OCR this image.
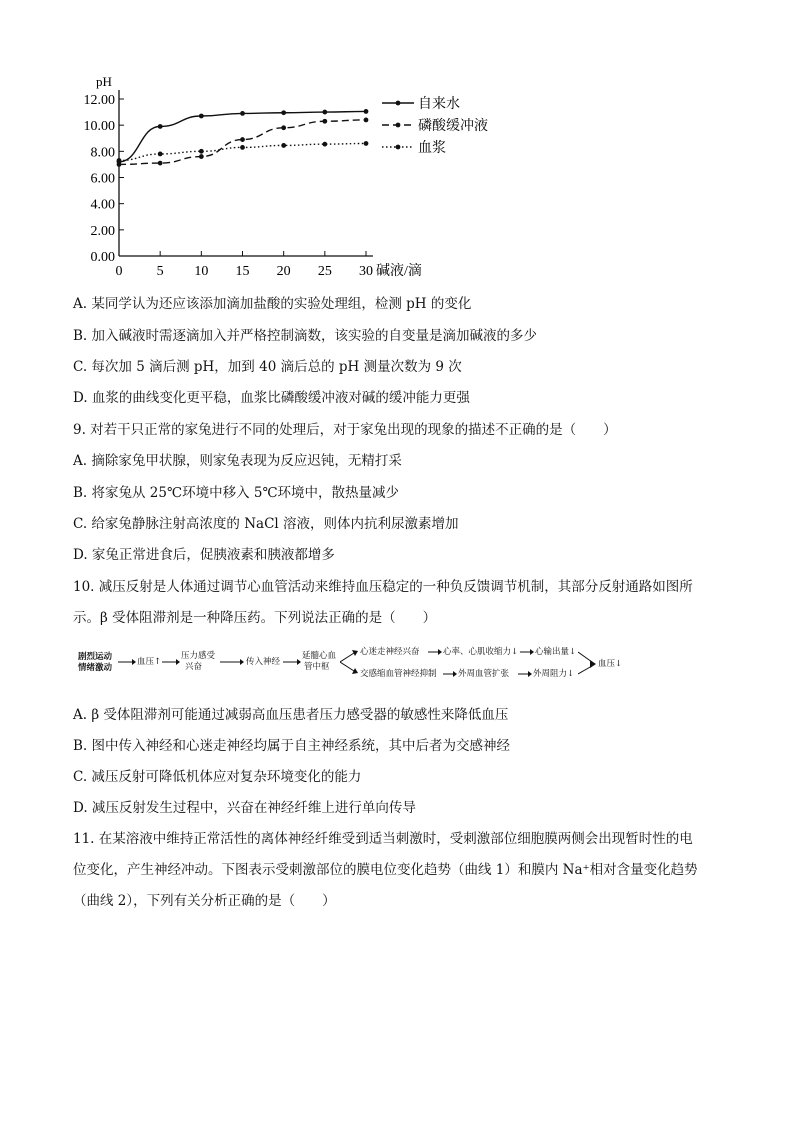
pH
0.00
2.00
4.00
6.00
8.00
10.00
12.00
0 5 10 15 20 25 30
自来水
磷酸缓冲液
血浆
碱液/滴
A. 某同学认为还应该添加滴加盐酸的实验处理组，检测 pH 的变化
B. 加入碱液时需逐滴加入并严格控制滴数，该实验的自变量是滴加碱液的多少
C. 每次加 5 滴后测 pH，加到 40 滴后总的 pH 测量次数为 9 次
D. 血浆的曲线变化更平稳，血浆比磷酸缓冲液对碱的缓冲能力更强
9. 对若干只正常的家兔进行不同的处理后，对于家兔出现的现象的描述不正确的是（　　）
A. 摘除家兔甲状腺，则家兔表现为反应迟钝，无精打采
B. 将家兔从 25℃环境中移入 5℃环境中，散热量减少
C. 给家兔静脉注射高浓度的 NaCl 溶液，则体内抗利尿激素增加
D. 家兔正常进食后，促胰液素和胰液都增多
10. 减压反射是人体通过调节心血管活动来维持血压稳定的一种负反馈调节机制，其部分反射通路如图所
示。β 受体阻滞剂是一种降压药。下列说法正确的是（　　）
剧烈运动
情绪激动
血压↑
压力感受
兴奋	传入神经
延髓心血
管中枢
心迷走神经兴奋	心率、心肌收缩力↓ 心输出量↓
交感缩血管神经抑制	外周血管扩张	外周阻力↓
血压↓
A. β 受体阻滞剂可能通过减弱高血压患者压力感受器的敏感性来降低血压
B. 图中传入神经和心迷走神经均属于自主神经系统，其中后者为交感神经
C. 减压反射可降低机体应对复杂环境变化的能力
D. 减压反射发生过程中，兴奋在神经纤维上进行单向传导
11. 在某溶液中维持正常活性的离体神经纤维受到适当刺激时，受刺激部位细胞膜两侧会出现暂时性的电
位变化，产生神经冲动。下图表示受刺激部位的膜电位变化趋势（曲线 1）和膜内 Na⁺相对含量变化趋势
（曲线 2），下列有关分析正确的是（　　）
